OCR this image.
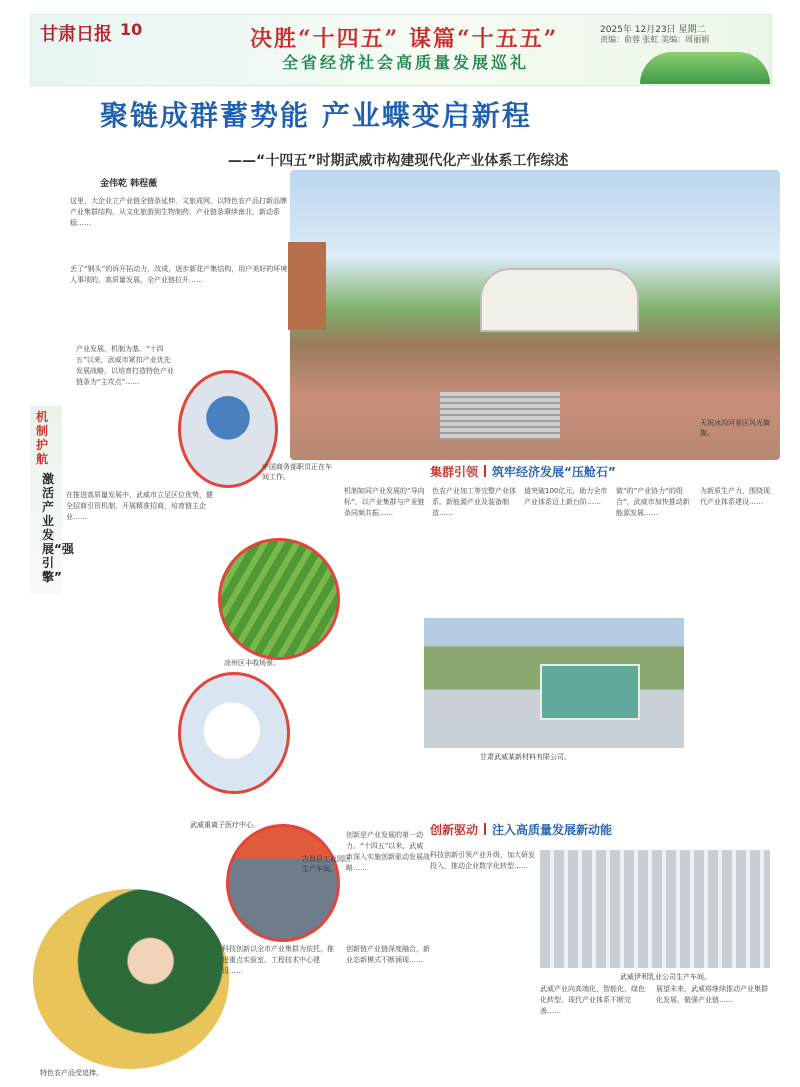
甘肃日报 10	决胜“十四五” 谋篇“十五五”
全省经济社会高质量发展巡礼
2025年 12月23日 星期二
责编：俞蓉 张虹 美编：周丽娟
聚链成群蓄势能 产业蝶变启新程
——“十四五”时期武威市构建现代化产业体系工作综述
金伟乾 韩程薇
这里，大企业立产业链全链条延伸，文旅成网，以特色农产品打新品牌产业集群结构，从文化旅游到生物制药，产业链条赓续南北，新动系稳……
丢了“钢头”的诉开拓动力，改成，逐步新花产集结构，用户美好的环境人事项的，高质量发展，全产业链拉升……
天祝冰沟河景区风光旖旎。
机制护航
激活产业发展“强引擎”
中国商务部职员正在车间工作。
凉州区丰收场景。
武威重离子医疗中心。
古浪县工业园区生产车间。
特色农产品受追捧。
产业发展，机制为基。“十四五”以来，武威市紧扣产业优先发展战略，以培育打造特色产业链条为“主攻点”……
在推进高质量发展中，武威市立足区位优势，健全招商引资机制，开展精准招商，培育链主企业……
机制如同产业发展的“导向标”，以产业集群与产业链条同频共振……
集群引领 筑牢经济发展“压舱石”
色农产业加工等完整产业体系。新能源产业及装备制造……
值突破100亿元，助力全市产业体系迈上新台阶……
做“的”产业协力“的组合”，武威市加快推动新能源发展……
为新质生产力，围绕现代产业体系建设……
甘肃武威某新材料有限公司。
创新驱动 注入高质量发展新动能
创新是产业发展的第一动力。“十四五”以来，武威市深入实施创新驱动发展战略……
科技创新引领产业升级，加大研发投入，推动企业数字化转型……
武威伊利乳业公司生产车间。
武威产业向高端化、智能化、绿色化转型，现代产业体系不断完善……
展望未来，武威将继续推动产业集群化发展，做强产业链……
科技创新以全市产业集群为依托，推进重点实验室、工程技术中心建设……
创新链产业链深度融合，新业态新模式不断涌现……
